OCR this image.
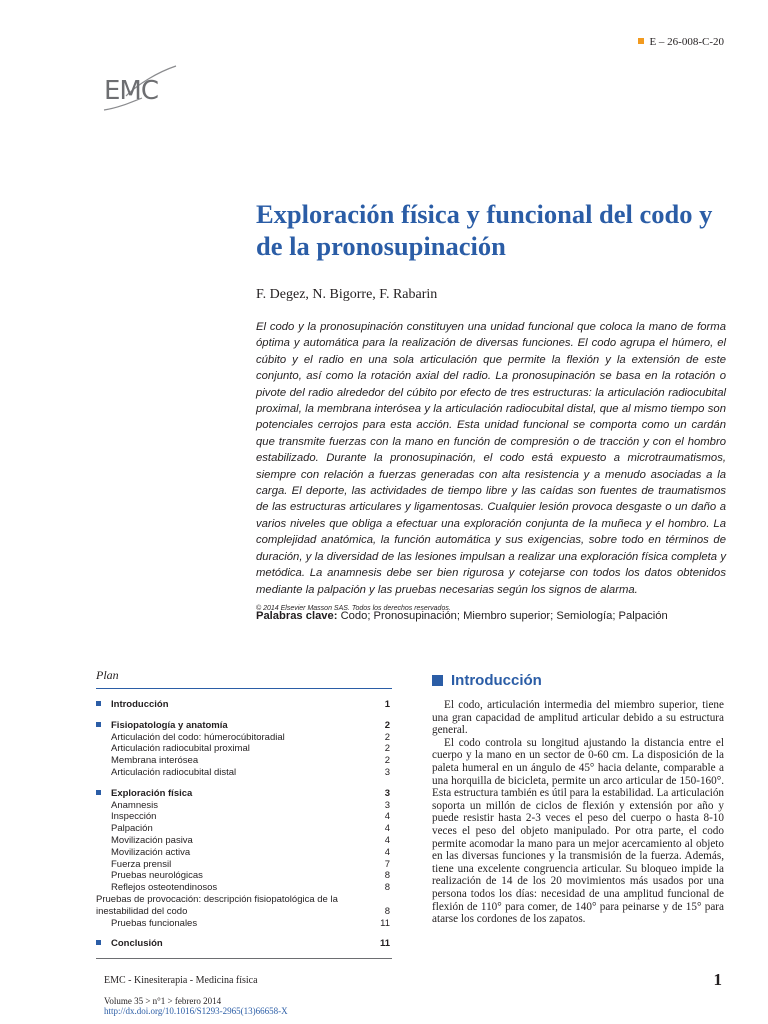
E – 26-008-C-20
EMC
Exploración física y funcional del codo y de la pronosupinación
F. Degez, N. Bigorre, F. Rabarin

El codo y la pronosupinación constituyen una unidad funcional que coloca la mano de forma óptima y automática para la realización de diversas funciones. El codo agrupa el húmero, el cúbito y el radio en una sola articulación que permite la flexión y la extensión de este conjunto, así como la rotación axial del radio. La pronosupinación se basa en la rotación o pivote del radio alrededor del cúbito por efecto de tres estructuras: la articulación radiocubital proximal, la membrana interósea y la articulación radiocubital distal, que al mismo tiempo son potenciales cerrojos para esta acción. Esta unidad funcional se comporta como un cardán que transmite fuerzas con la mano en función de compresión o de tracción y con el hombro estabilizado. Durante la pronosupinación, el codo está expuesto a microtraumatismos, siempre con relación a fuerzas generadas con alta resistencia y a menudo asociadas a la carga. El deporte, las actividades de tiempo libre y las caídas son fuentes de traumatismos de las estructuras articulares y ligamentosas. Cualquier lesión provoca desgaste o un daño a varios niveles que obliga a efectuar una exploración conjunta de la muñeca y el hombro. La complejidad anatómica, la función automática y sus exigencias, sobre todo en términos de duración, y la diversidad de las lesiones impulsan a realizar una exploración física completa y metódica. La anamnesis debe ser bien rigurosa y cotejarse con todos los datos obtenidos mediante la palpación y las pruebas necesarias según los signos de alarma.

© 2014 Elsevier Masson SAS. Todos los derechos reservados.

Palabras clave: Codo; Pronosupinación; Miembro superior; Semiología; Palpación
Plan
Introducción	1
Fisiopatología y anatomía	2
Articulación del codo: húmerocúbitoradial	2
Articulación radiocubital proximal	2
Membrana interósea	2
Articulación radiocubital distal	3
Exploración física	3
Anamnesis	3
Inspección	4
Palpación	4
Movilización pasiva	4
Movilización activa	4
Fuerza prensil	7
Pruebas neurológicas	8
Reflejos osteotendinosos	8
Pruebas de provocación: descripción fisiopatológica de la inestabilidad del codo	8
Pruebas funcionales	11
Conclusión	11
Introducción

El codo, articulación intermedia del miembro superior, tiene una gran capacidad de amplitud articular debido a su estructura general.

El codo controla su longitud ajustando la distancia entre el cuerpo y la mano en un sector de 0-60 cm. La disposición de la paleta humeral en un ángulo de 45° hacia delante, comparable a una horquilla de bicicleta, permite un arco articular de 150-160°. Esta estructura también es útil para la estabilidad. La articulación soporta un millón de ciclos de flexión y extensión por año y puede resistir hasta 2-3 veces el peso del cuerpo o hasta 8-10 veces el peso del objeto manipulado. Por otra parte, el codo permite acomodar la mano para un mejor acercamiento al objeto en las diversas funciones y la transmisión de la fuerza. Además, tiene una excelente congruencia articular. Su bloqueo impide la realización de 14 de los 20 movimientos más usados por una persona todos los días: necesidad de una amplitud funcional de flexión de 110° para comer, de 140° para peinarse y de 15° para atarse los cordones de los zapatos.

EMC - Kinesiterapia - Medicina física
Volume 35 > n°1 > febrero 2014
http://dx.doi.org/10.1016/S1293-2965(13)66658-X
1
